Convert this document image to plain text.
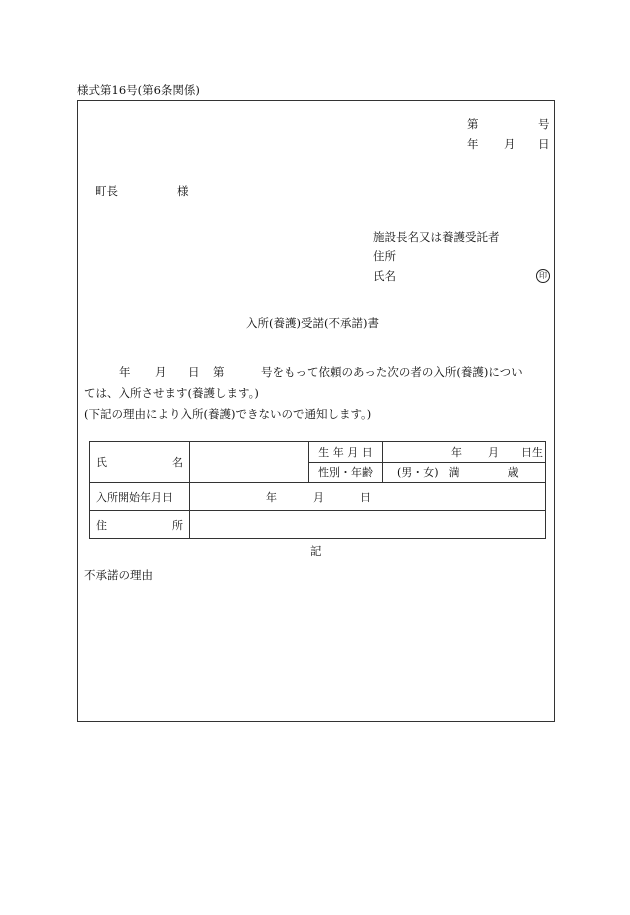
様式第16号(第6条関係)
第	号
年 月 日
町長	様
施設長名又は養護受託者
住所
氏名	印
入所(養護)受諾(不承諾)書
年 月 日 第	号をもって依頼のあった次の者の入所(養護)につい
ては、入所させます(養護します。)
(下記の理由により入所(養護)できないので通知します。)
氏 名		生 年 月 日	年 月 日生
		性別・年齢	(男・女) 満 歳
入所開始年月日	年 月 日		

住 所			

記
不承諾の理由
